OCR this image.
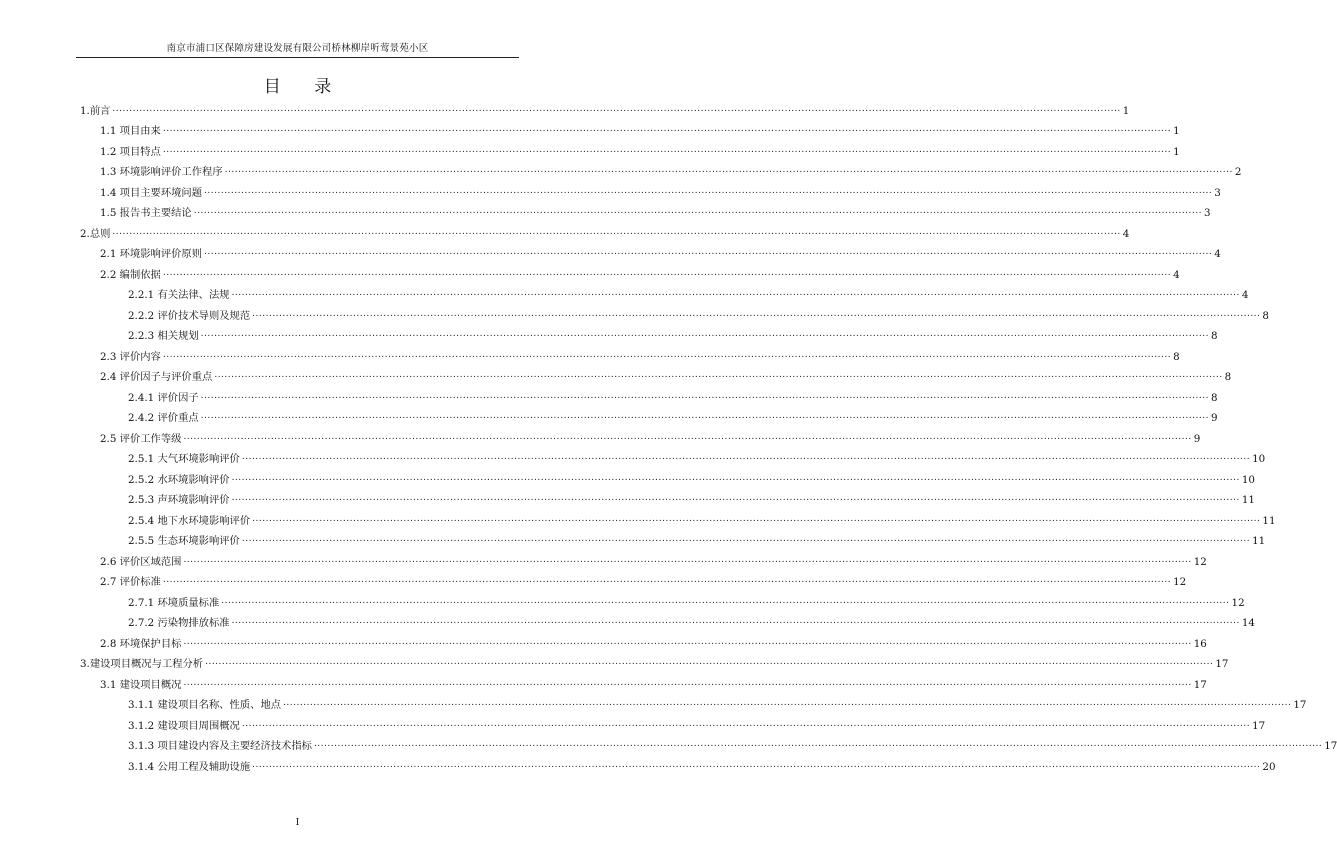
南京市浦口区保障房建设发展有限公司桥林柳岸听莺景苑小区
目 录
1.前言 ............................................................................................................................................................................................................................................................................................................ 1
1.1 项目由来 ............................................................................................................................................................................................................................................................................................................ 1
1.2 项目特点 ............................................................................................................................................................................................................................................................................................................ 1
1.3 环境影响评价工作程序 ............................................................................................................................................................................................................................................................................................................ 2
1.4 项目主要环境问题 ............................................................................................................................................................................................................................................................................................................ 3
1.5 报告书主要结论 ............................................................................................................................................................................................................................................................................................................ 3
2.总则 ............................................................................................................................................................................................................................................................................................................ 4
2.1 环境影响评价原则 ............................................................................................................................................................................................................................................................................................................ 4
2.2 编制依据 ............................................................................................................................................................................................................................................................................................................ 4
2.2.1 有关法律、法规 ............................................................................................................................................................................................................................................................................................................ 4
2.2.2 评价技术导则及规范 ............................................................................................................................................................................................................................................................................................................ 8
2.2.3 相关规划 ............................................................................................................................................................................................................................................................................................................ 8
2.3 评价内容 ............................................................................................................................................................................................................................................................................................................ 8
2.4 评价因子与评价重点 ............................................................................................................................................................................................................................................................................................................ 8
2.4.1 评价因子 ............................................................................................................................................................................................................................................................................................................ 8
2.4.2 评价重点 ............................................................................................................................................................................................................................................................................................................ 9
2.5 评价工作等级 ............................................................................................................................................................................................................................................................................................................ 9
2.5.1 大气环境影响评价 ............................................................................................................................................................................................................................................................................................................ 10
2.5.2 水环境影响评价 ............................................................................................................................................................................................................................................................................................................ 10
2.5.3 声环境影响评价 ............................................................................................................................................................................................................................................................................................................ 11
2.5.4 地下水环境影响评价 ............................................................................................................................................................................................................................................................................................................ 11
2.5.5 生态环境影响评价 ............................................................................................................................................................................................................................................................................................................ 11
2.6 评价区域范围 ............................................................................................................................................................................................................................................................................................................ 12
2.7 评价标准 ............................................................................................................................................................................................................................................................................................................ 12
2.7.1 环境质量标准 ............................................................................................................................................................................................................................................................................................................ 12
2.7.2 污染物排放标准 ............................................................................................................................................................................................................................................................................................................ 14
2.8 环境保护目标 ............................................................................................................................................................................................................................................................................................................ 16
3.建设项目概况与工程分析 ............................................................................................................................................................................................................................................................................................................ 17
3.1 建设项目概况 ............................................................................................................................................................................................................................................................................................................ 17
3.1.1 建设项目名称、性质、地点 ............................................................................................................................................................................................................................................................................................................ 17
3.1.2 建设项目周围概况 ............................................................................................................................................................................................................................................................................................................ 17
3.1.3 项目建设内容及主要经济技术指标 ............................................................................................................................................................................................................................................................................................................ 17
3.1.4 公用工程及辅助设施 ............................................................................................................................................................................................................................................................................................................ 20
I
